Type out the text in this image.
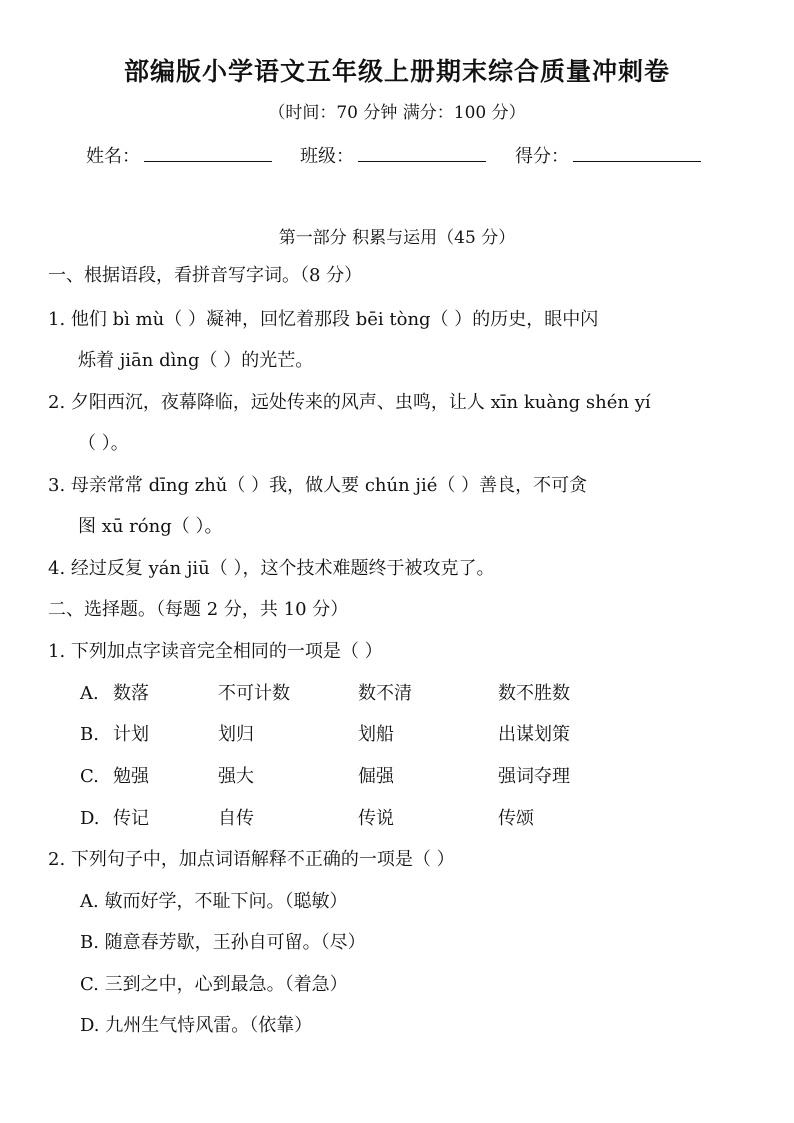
部编版小学语文五年级上册期末综合质量冲刺卷
（时间：70 分钟 满分：100 分）
姓名：	班级：	得分：
第一部分 积累与运用（45 分）
一、根据语段，看拼音写字词。（8 分）
1. 他们 bì mù（ ）凝神，回忆着那段 bēi tòng（ ）的历史，眼中闪
烁着 jiān dìng（ ）的光芒。
2. 夕阳西沉，夜幕降临，远处传来的风声、虫鸣，让人 xīn kuàng shén yí
（ ）。
3. 母亲常常 dīng zhǔ（ ）我，做人要 chún jié（ ）善良，不可贪
图 xū róng（ ）。
4. 经过反复 yán jiū（ ），这个技术难题终于被攻克了。
二、选择题。（每题 2 分，共 10 分）
1. 下列加点字读音完全相同的一项是（ ）
A. 数落	不可计数	数不清	数不胜数
B. 计划	划归	划船	出谋划策
C. 勉强	强大	倔强	强词夺理
D. 传记	自传	传说	传颂
2. 下列句子中，加点词语解释不正确的一项是（ ）
A. 敏而好学，不耻下问。（聪敏）
B. 随意春芳歇，王孙自可留。（尽）
C. 三到之中，心到最急。（着急）
D. 九州生气恃风雷。（依靠）
